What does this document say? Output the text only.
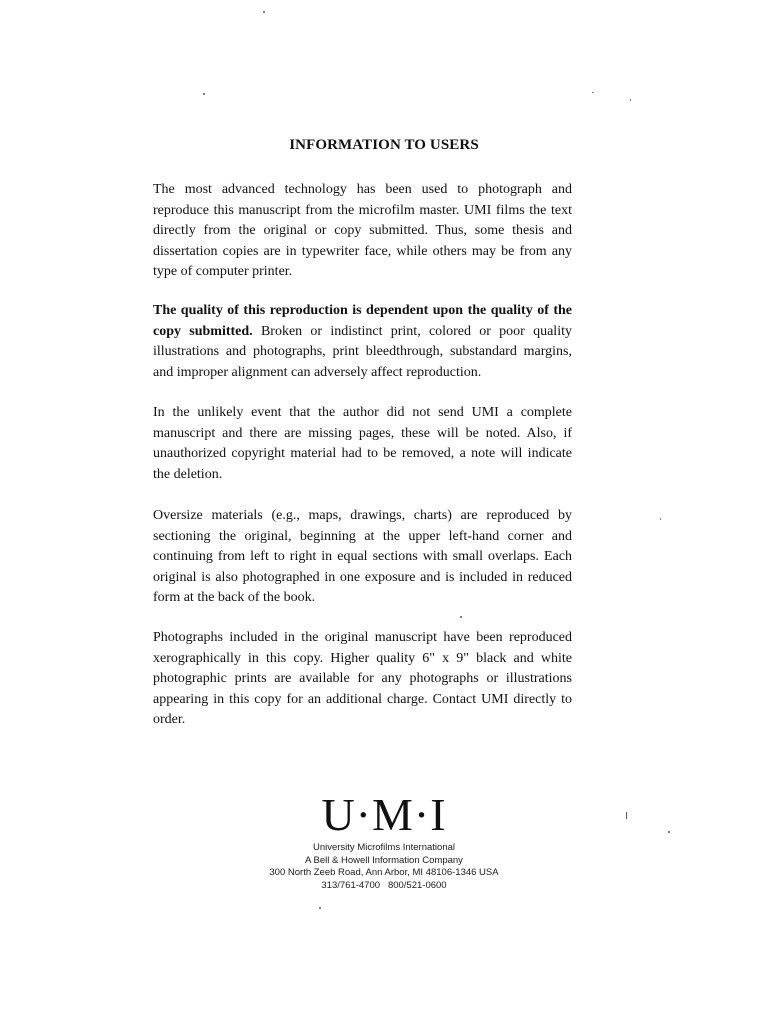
INFORMATION TO USERS

The most advanced technology has been used to photograph and reproduce this manuscript from the microfilm master. UMI films the text directly from the original or copy submitted. Thus, some thesis and dissertation copies are in typewriter face, while others may be from any type of computer printer.

The quality of this reproduction is dependent upon the quality of the copy submitted. Broken or indistinct print, colored or poor quality illustrations and photographs, print bleedthrough, substandard margins, and improper alignment can adversely affect reproduction.

In the unlikely event that the author did not send UMI a complete manuscript and there are missing pages, these will be noted. Also, if unauthorized copyright material had to be removed, a note will indicate the deletion.

Oversize materials (e.g., maps, drawings, charts) are reproduced by sectioning the original, beginning at the upper left-hand corner and continuing from left to right in equal sections with small overlaps. Each original is also photographed in one exposure and is included in reduced form at the back of the book.

Photographs included in the original manuscript have been reproduced xerographically in this copy. Higher quality 6" x 9" black and white photographic prints are available for any photographs or illustrations appearing in this copy for an additional charge. Contact UMI directly to order.

U·M·I
University Microfilms International
A Bell & Howell Information Company
300 North Zeeb Road, Ann Arbor, MI 48106-1346 USA
313/761-4700   800/521-0600
